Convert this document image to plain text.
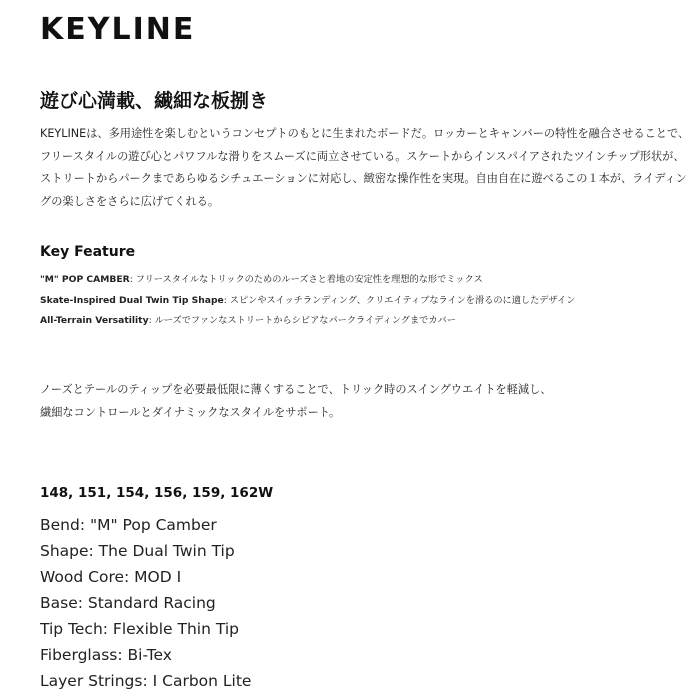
KEYLINE
遊び心満載、繊細な板捌き
KEYLINEは、多用途性を楽しむというコンセプトのもとに生まれたボードだ。ロッカーとキャンバーの特性を融合させることで、
フリースタイルの遊び心とパワフルな滑りをスムーズに両立させている。スケートからインスパイアされたツインチップ形状が、
ストリートからパークまであらゆるシチュエーションに対応し、緻密な操作性を実現。自由自在に遊べるこの１本が、ライディン
グの楽しさをさらに広げてくれる。
Key Feature
"M" POP CAMBER: フリースタイルなトリックのためのルーズさと着地の安定性を理想的な形でミックス
Skate-Inspired Dual Twin Tip Shape: スピンやスイッチランディング、クリエイティブなラインを滑るのに適したデザイン
All-Terrain Versatility: ルーズでファンなストリートからシビアなパークライディングまでカバー
ノーズとテールのティップを必要最低限に薄くすることで、トリック時のスイングウエイトを軽減し、
繊細なコントロールとダイナミックなスタイルをサポート。
148, 151, 154, 156, 159, 162W
Bend: "M" Pop Camber
Shape: The Dual Twin Tip
Wood Core: MOD I
Base: Standard Racing
Tip Tech: Flexible Thin Tip
Fiberglass: Bi-Tex
Layer Strings: I Carbon Lite
